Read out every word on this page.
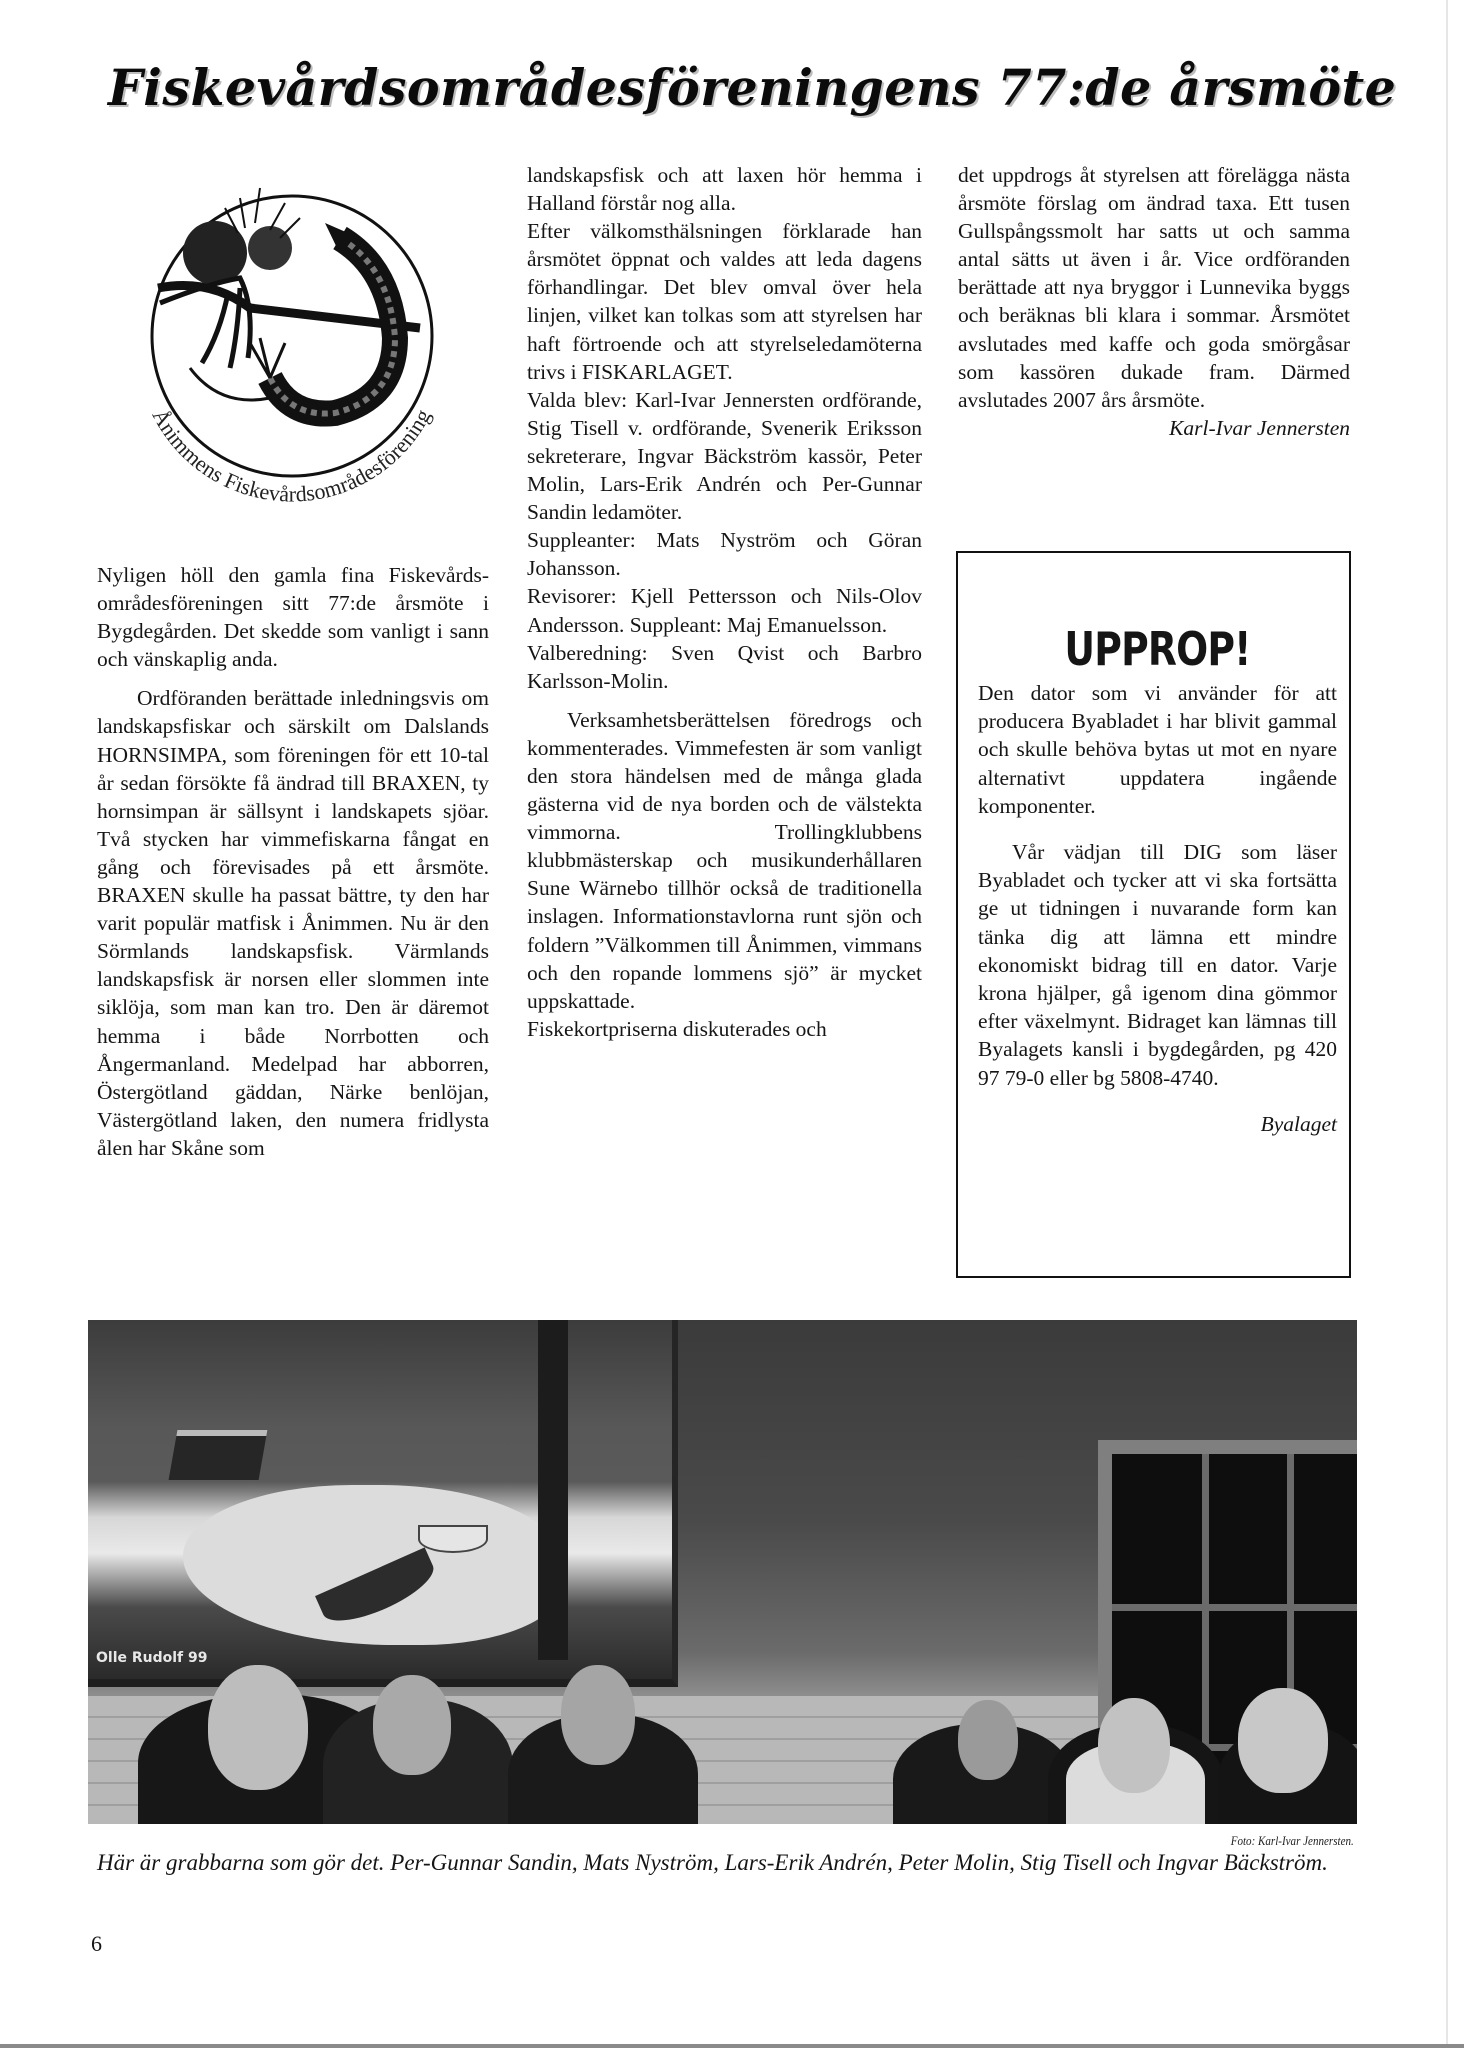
Fiskevårdsområdesföreningens 77:de årsmöte
Ånimmens Fiskevårdsområdesförening

Nyligen höll den gamla fina Fiskevårdsområdesföreningen sitt 77:de årsmöte i Bygdegården. Det skedde som vanligt i sann och vänskaplig anda.

Ordföranden berättade inledningsvis om landskapsfiskar och särskilt om Dalslands HORNSIMPA, som föreningen för ett 10-tal år sedan försökte få ändrad till BRAXEN, ty hornsimpan är sällsynt i landskapets sjöar. Två stycken har vimmefiskarna fångat en gång och förevisades på ett årsmöte. BRAXEN skulle ha passat bättre, ty den har varit populär matfisk i Ånimmen. Nu är den Sörmlands landskapsfisk. Värmlands landskapsfisk är norsen eller slommen inte siklöja, som man kan tro. Den är däremot hemma i både Norrbotten och Ångermanland. Medelpad har abborren, Östergötland gäddan, Närke benlöjan, Västergötland laken, den numera fridlysta ålen har Skåne som

landskapsfisk och att laxen hör hemma i Halland förstår nog alla.

Efter välkomsthälsningen förklarade han årsmötet öppnat och valdes att leda dagens förhandlingar. Det blev omval över hela linjen, vilket kan tolkas som att styrelsen har haft förtroende och att styrelseledamöterna trivs i FISKARLAGET.

Valda blev: Karl-Ivar Jennersten ordförande, Stig Tisell v. ordförande, Svenerik Eriksson sekreterare, Ingvar Bäckström kassör, Peter Molin, Lars-Erik Andrén och Per-Gunnar Sandin ledamöter.

Suppleanter: Mats Nyström och Göran Johansson.

Revisorer: Kjell Pettersson och Nils-Olov Andersson. Suppleant: Maj Emanuelsson.

Valberedning: Sven Qvist och Barbro Karlsson-Molin.

Verksamhetsberättelsen föredrogs och kommenterades. Vimmefesten är som vanligt den stora händelsen med de många glada gästerna vid de nya borden och de välstekta vimmorna. Trollingklubbens klubbmästerskap och musikunderhållaren Sune Wärnebo tillhör också de traditionella inslagen. Informationstavlorna runt sjön och foldern ”Välkommen till Ånimmen, vimmans och den ropande lommens sjö” är mycket uppskattade.

Fiskekortpriserna diskuterades och

det uppdrogs åt styrelsen att förelägga nästa årsmöte förslag om ändrad taxa. Ett tusen Gullspångssmolt har satts ut och samma antal sätts ut även i år. Vice ordföranden berättade att nya bryggor i Lunnevika byggs och beräknas bli klara i sommar. Årsmötet avslutades med kaffe och goda smörgåsar som kassören dukade fram. Därmed avslutades 2007 års årsmöte.

Karl-Ivar Jennersten

UPPROP!

Den dator som vi använder för att producera Byabladet i har blivit gammal och skulle behöva bytas ut mot en nyare alternativt uppdatera ingående komponenter.

Vår vädjan till DIG som läser Byabladet och tycker att vi ska fortsätta ge ut tidningen i nuvarande form kan tänka dig att lämna ett mindre ekonomiskt bidrag till en dator. Varje krona hjälper, gå igenom dina gömmor efter växelmynt. Bidraget kan lämnas till Byalagets kansli i bygdegården, pg 420 97 79-0 eller bg 5808-4740.

Byalaget

Olle Rudolf 99
Foto: Karl-Ivar Jennersten.

Här är grabbarna som gör det. Per-Gunnar Sandin, Mats Nyström, Lars-Erik Andrén, Peter Molin, Stig Tisell och Ingvar Bäckström.

6
